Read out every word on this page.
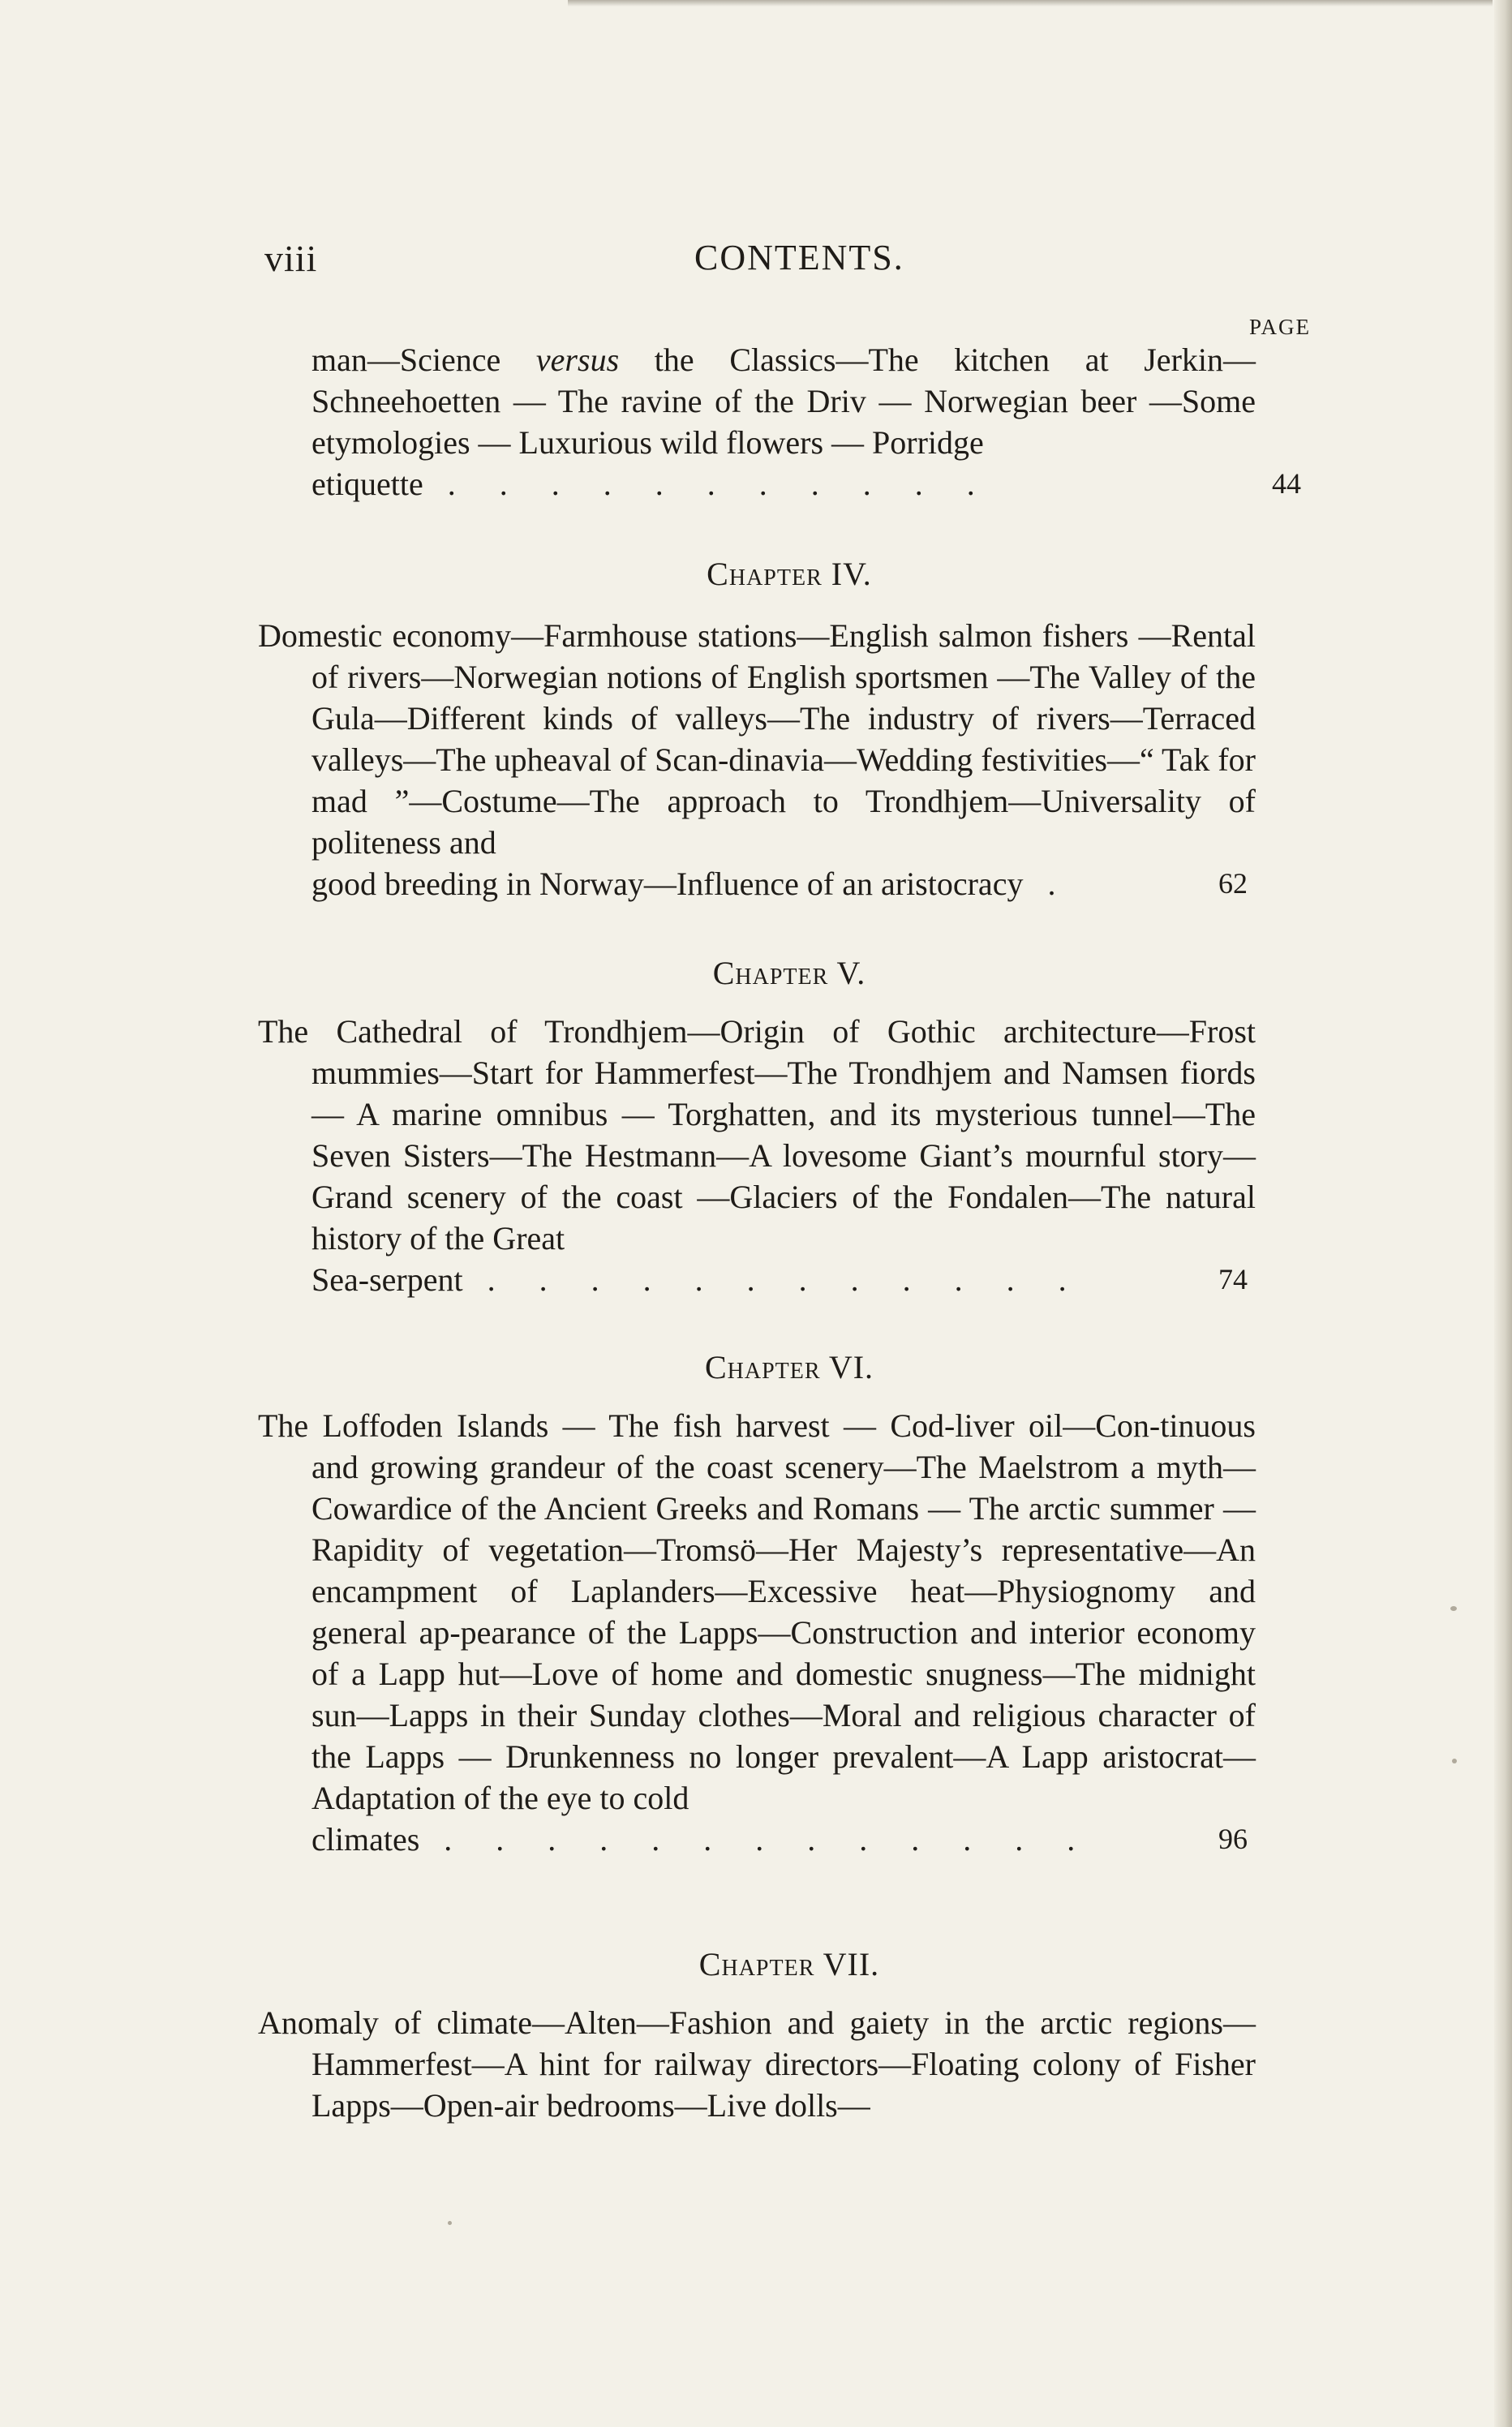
viii	CONTENTS.
PAGE

man—Science versus the Classics—The kitchen at Jerkin—Schneehoetten — The ravine of the Driv — Norwegian beer —Some etymologies — Luxurious wild flowers — Porridge
etiquette . . . . . . . . . . .	44

Chapter IV.

Domestic economy—Farmhouse stations—English salmon fishers —Rental of rivers—Norwegian notions of English sportsmen —The Valley of the Gula—Different kinds of valleys—The industry of rivers—Terraced valleys—The upheaval of Scan-dinavia—Wedding festivities—“ Tak for mad ”—Costume—The approach to Trondhjem—Universality of politeness and
good breeding in Norway—Influence of an aristocracy .	62

Chapter V.

The Cathedral of Trondhjem—Origin of Gothic architecture—Frost mummies—Start for Hammerfest—The Trondhjem and Namsen fiords — A marine omnibus — Torghatten, and its mysterious tunnel—The Seven Sisters—The Hestmann—A lovesome Giant’s mournful story—Grand scenery of the coast —Glaciers of the Fondalen—The natural history of the Great
Sea-serpent . . . . . . . . . . . .	74

Chapter VI.

The Loffoden Islands — The fish harvest — Cod-liver oil—Con-tinuous and growing grandeur of the coast scenery—The Maelstrom a myth—Cowardice of the Ancient Greeks and Romans — The arctic summer — Rapidity of vegetation—Tromsö—Her Majesty’s representative—An encampment of Laplanders—Excessive heat—Physiognomy and general ap-pearance of the Lapps—Construction and interior economy of a Lapp hut—Love of home and domestic snugness—The midnight sun—Lapps in their Sunday clothes—Moral and religious character of the Lapps — Drunkenness no longer prevalent—A Lapp aristocrat—Adaptation of the eye to cold
climates . . . . . . . . . . . . .	96

Chapter VII.

Anomaly of climate—Alten—Fashion and gaiety in the arctic regions—Hammerfest—A hint for railway directors—Floating colony of Fisher Lapps—Open-air bedrooms—Live dolls—
